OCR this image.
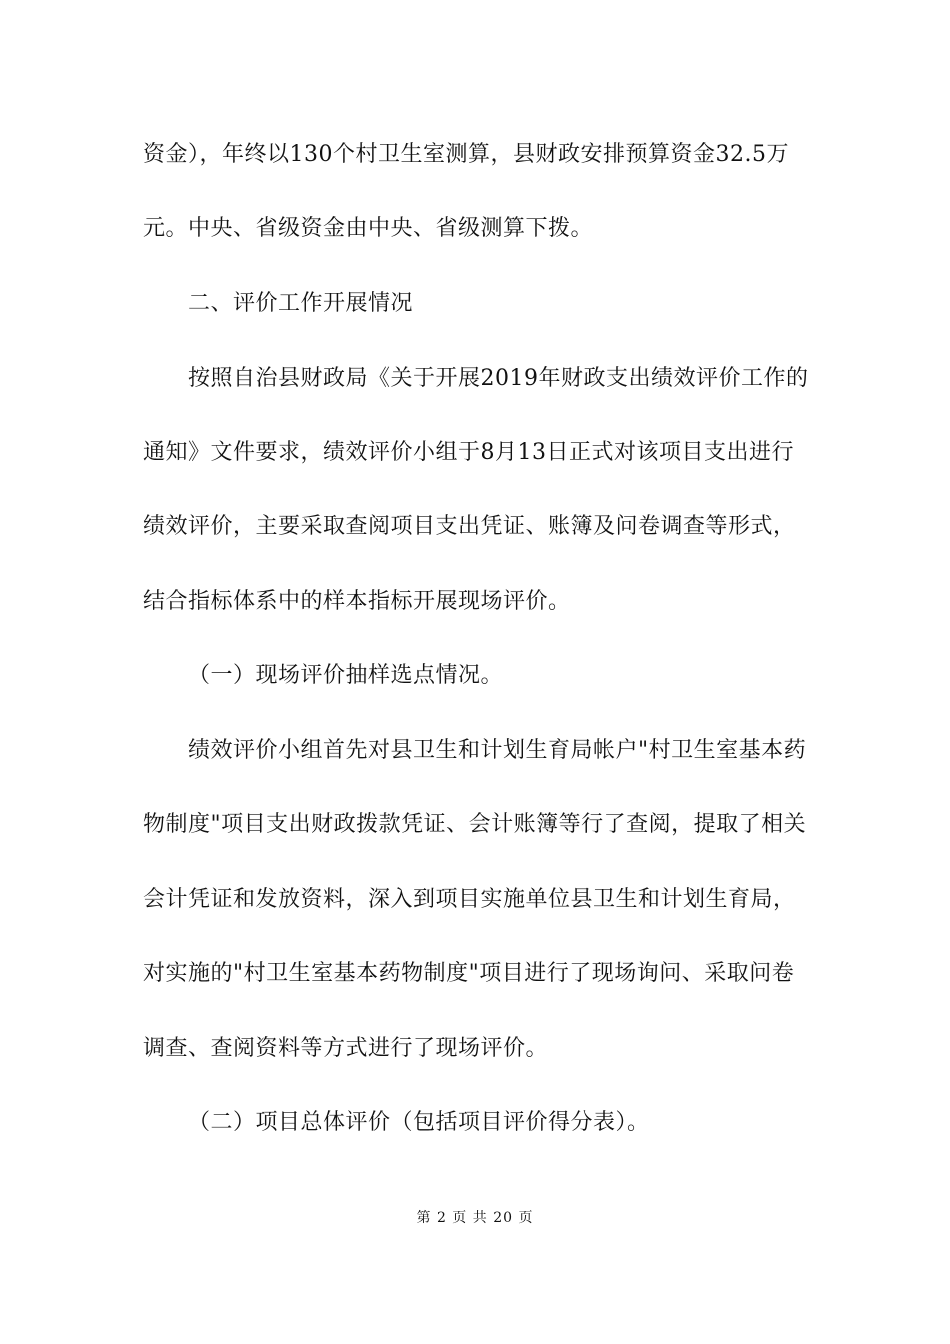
资金），年终以130个村卫生室测算，县财政安排预算资金32.5万
元。中央、省级资金由中央、省级测算下拨。
二、评价工作开展情况
按照自治县财政局《关于开展2019年财政支出绩效评价工作的
通知》文件要求，绩效评价小组于8月13日正式对该项目支出进行
绩效评价，主要采取查阅项目支出凭证、账簿及问卷调查等形式，
结合指标体系中的样本指标开展现场评价。
（一）现场评价抽样选点情况。
绩效评价小组首先对县卫生和计划生育局帐户"村卫生室基本药
物制度"项目支出财政拨款凭证、会计账簿等行了查阅，提取了相关
会计凭证和发放资料，深入到项目实施单位县卫生和计划生育局，
对实施的"村卫生室基本药物制度"项目进行了现场询问、采取问卷
调查、查阅资料等方式进行了现场评价。
（二）项目总体评价（包括项目评价得分表）。
第 2 页 共 20 页
